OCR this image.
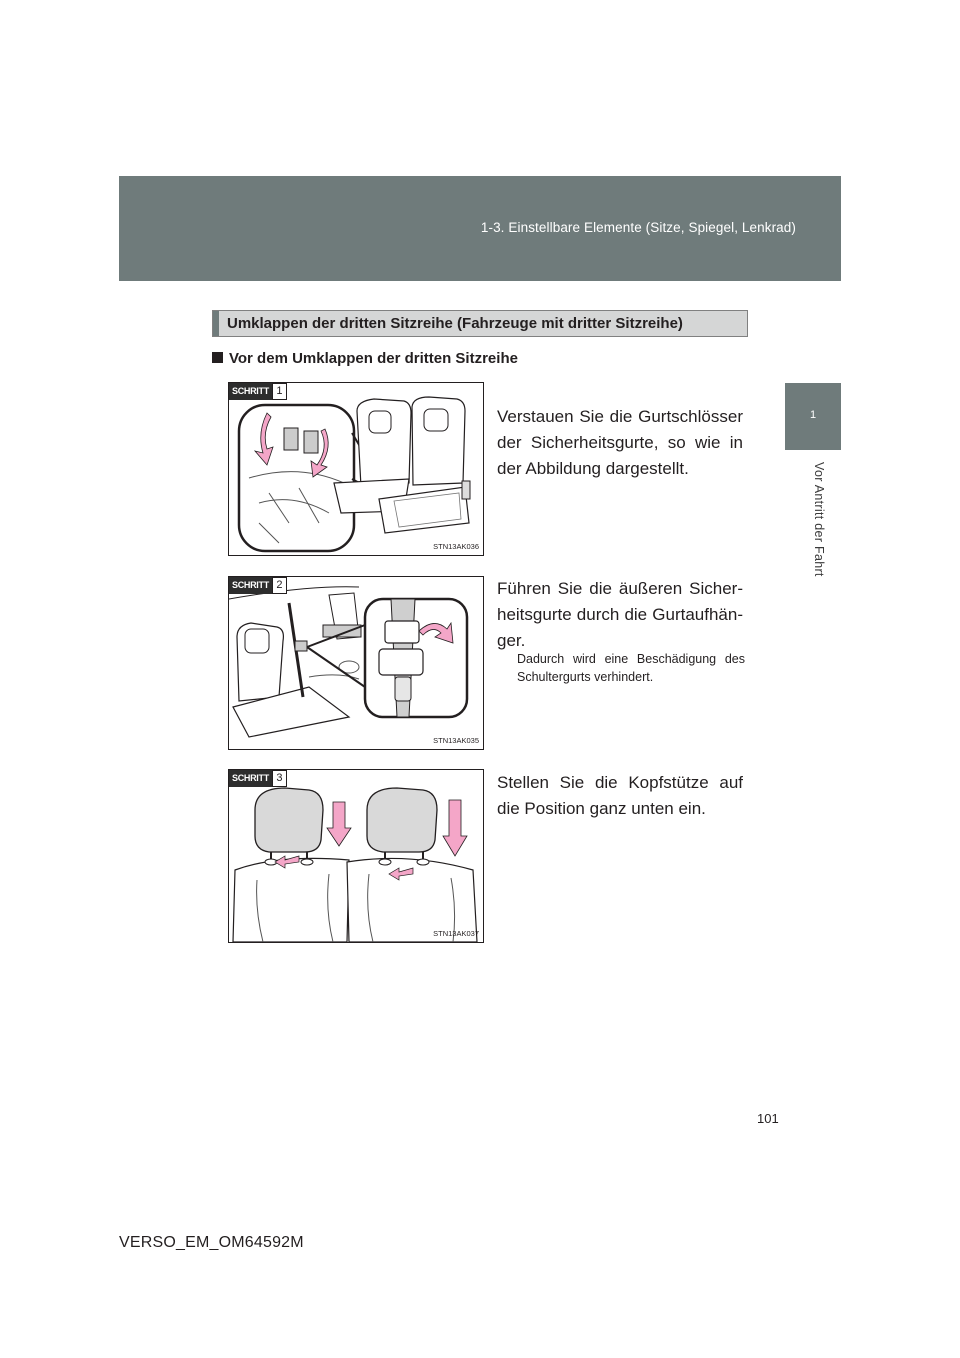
1-3. Einstellbare Elemente (Sitze, Spiegel, Lenkrad)
1
Vor Antritt der Fahrt
Umklappen der dritten Sitzreihe (Fahrzeuge mit dritter Sitzreihe)
Vor dem Umklappen der dritten Sitzreihe
SCHRITT 1
STN13AK036
Verstauen Sie die Gurtschlösser der Sicherheitsgurte, so wie in der Abbildung dargestellt.
SCHRITT 2
STN13AK035
Führen Sie die äußeren Sicher-heitsgurte durch die Gurtaufhän-ger.
Dadurch wird eine Beschädigung des Schultergurts verhindert.
SCHRITT 3
STN13AK037
Stellen Sie die Kopfstütze auf die Position ganz unten ein.
101
VERSO_EM_OM64592M
